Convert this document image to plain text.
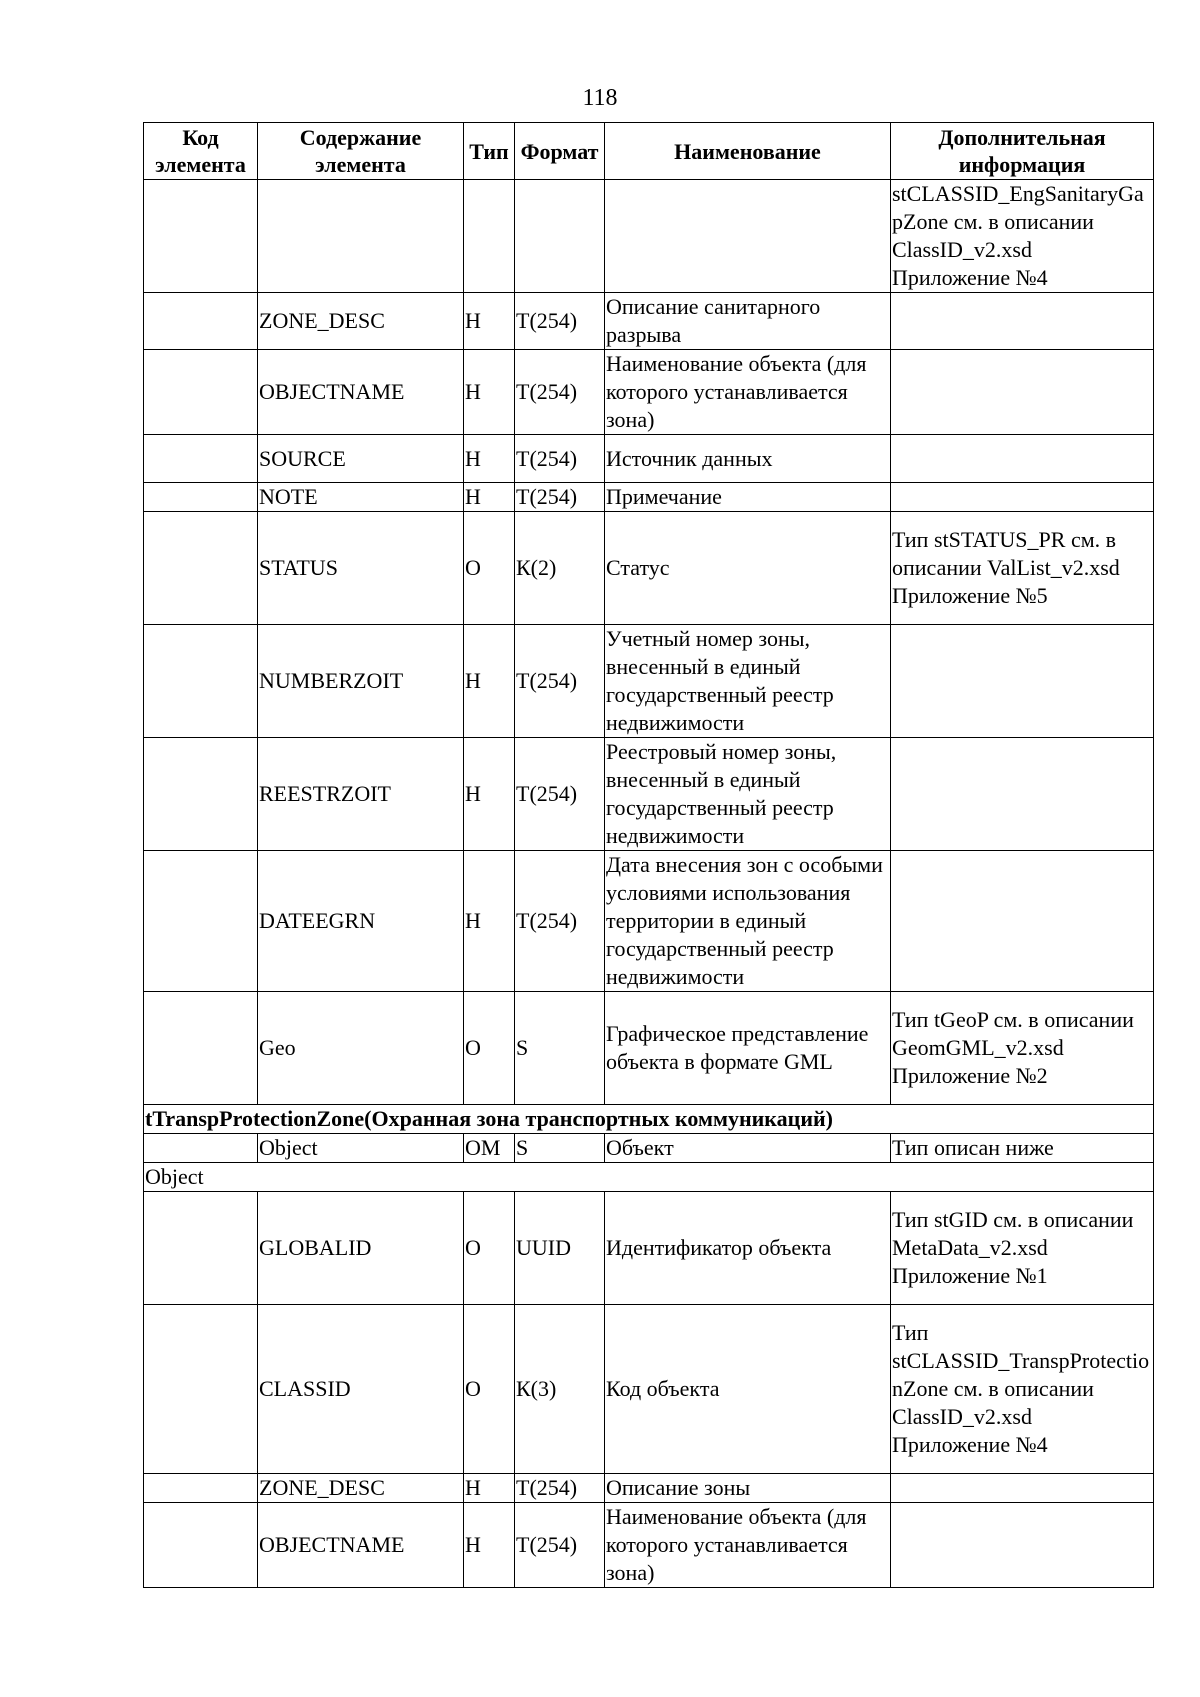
118
Код элемента	Содержание элемента	Тип	Формат	Наименование	Дополнительная информация
					stCLASSID_EngSanitaryGapZone см. в описании ClassID_v2.xsd Приложение №4
	ZONE_DESC	Н	Т(254)	Описание санитарного разрыва	
	OBJECTNAME	Н	Т(254)	Наименование объекта (для которого устанавливается зона)	
	SOURCE	Н	Т(254)	Источник данных	
	NOTE	Н	Т(254)	Примечание	
	STATUS	О	К(2)	Статус	Тип stSTATUS_PR см. в описании ValList_v2.xsd Приложение №5
	NUMBERZOIT	Н	Т(254)	Учетный номер зоны, внесенный в единый государственный реестр недвижимости	
	REESTRZOIT	Н	Т(254)	Реестровый номер зоны, внесенный в единый государственный реестр недвижимости	
	DATEEGRN	Н	Т(254)	Дата внесения зон с особыми условиями использования территории в единый государственный реестр недвижимости	
	Geo	О	S	Графическое представление объекта в формате GML	Тип tGeoP см. в описании GeomGML_v2.xsd Приложение №2
tTranspProtectionZone(Охранная зона транспортных коммуникаций)					
	Object	ОМ	S	Объект	Тип описан ниже
Object					
	GLOBALID	О	UUID	Идентификатор объекта	Тип stGID см. в описании MetaData_v2.xsd Приложение №1
	CLASSID	О	К(3)	Код объекта	Тип stCLASSID_TranspProtectionZone см. в описании ClassID_v2.xsd Приложение №4
	ZONE_DESC	Н	Т(254)	Описание зоны	
	OBJECTNAME	Н	Т(254)	Наименование объекта (для которого устанавливается зона)	
